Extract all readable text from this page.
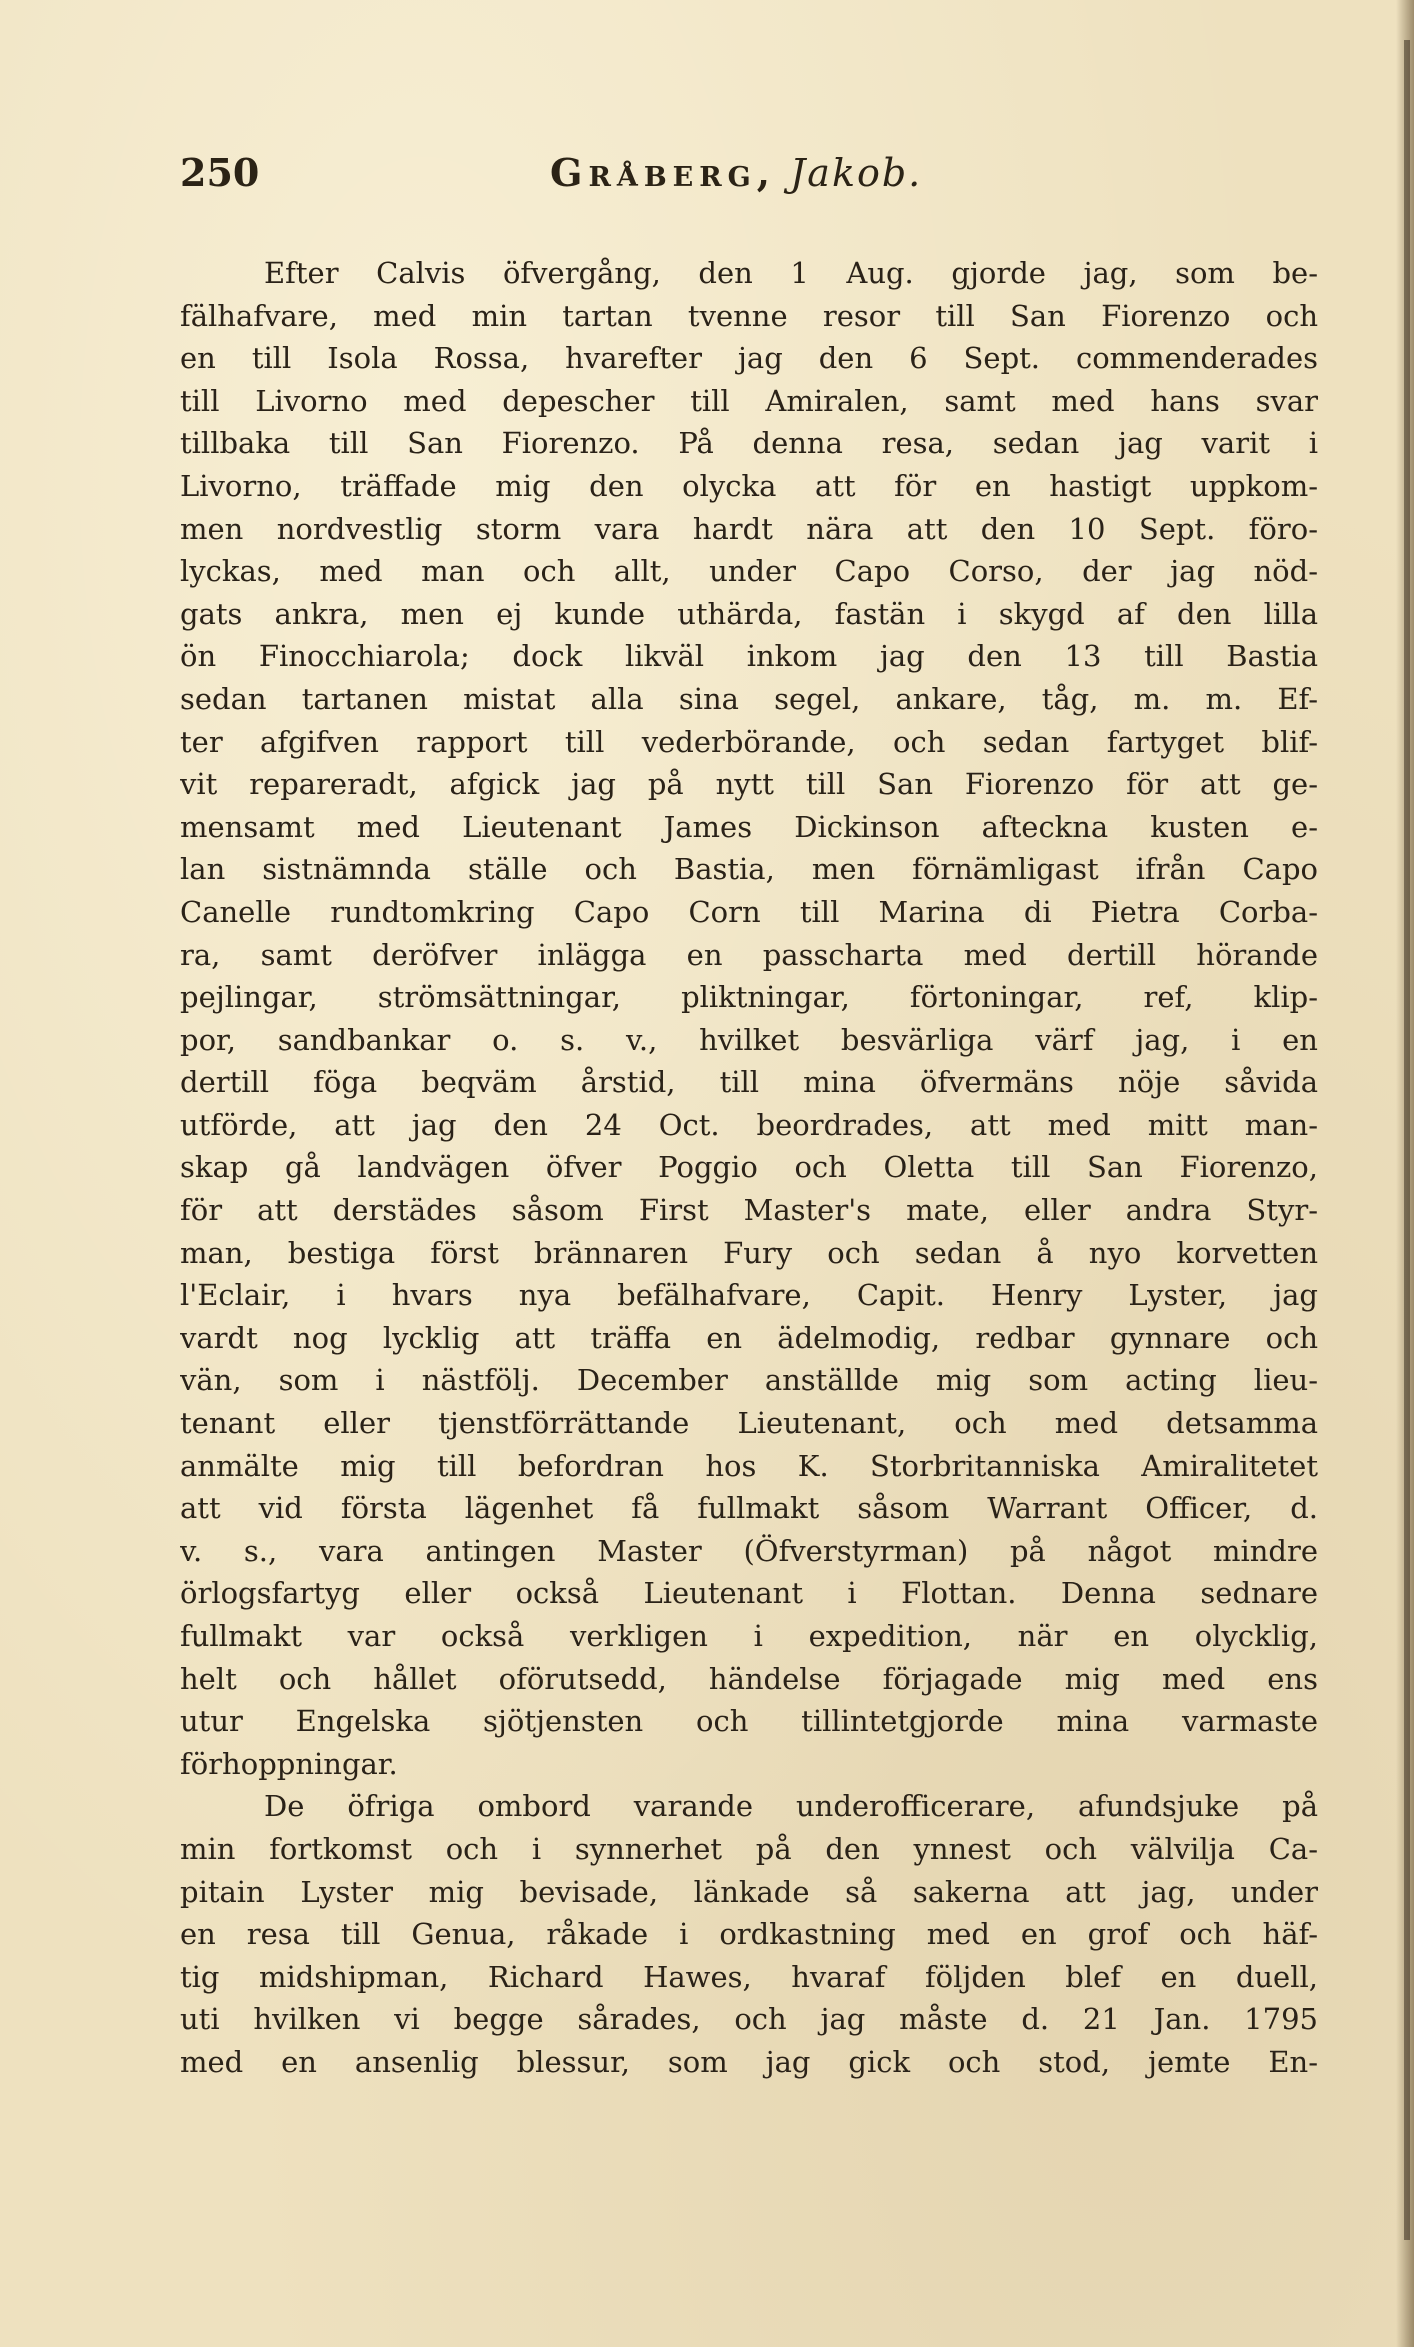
250	Gråberg, Jakob.
Efter Calvis öfvergång, den 1 Aug. gjorde jag, som be-
fälhafvare, med min tartan tvenne resor till San Fiorenzo och
en till Isola Rossa, hvarefter jag den 6 Sept. commenderades
till Livorno med depescher till Amiralen, samt med hans svar
tillbaka till San Fiorenzo. På denna resa, sedan jag varit i
Livorno, träffade mig den olycka att för en hastigt uppkom-
men nordvestlig storm vara hardt nära att den 10 Sept. föro-
lyckas, med man och allt, under Capo Corso, der jag nöd-
gats ankra, men ej kunde uthärda, fastän i skygd af den lilla
ön Finocchiarola; dock likväl inkom jag den 13 till Bastia
sedan tartanen mistat alla sina segel, ankare, tåg, m. m. Ef-
ter afgifven rapport till vederbörande, och sedan fartyget blif-
vit repareradt, afgick jag på nytt till San Fiorenzo för att ge-
mensamt med Lieutenant James Dickinson afteckna kusten e-
lan sistnämnda ställe och Bastia, men förnämligast ifrån Capo
Canelle rundtomkring Capo Corn till Marina di Pietra Corba-
ra, samt deröfver inlägga en passcharta med dertill hörande
pejlingar, strömsättningar, pliktningar, förtoningar, ref, klip-
por, sandbankar o. s. v., hvilket besvärliga värf jag, i en
dertill föga beqväm årstid, till mina öfvermäns nöje såvida
utförde, att jag den 24 Oct. beordrades, att med mitt man-
skap gå landvägen öfver Poggio och Oletta till San Fiorenzo,
för att derstädes såsom First Master's mate, eller andra Styr-
man, bestiga först brännaren Fury och sedan å nyo korvetten
l'Eclair, i hvars nya befälhafvare, Capit. Henry Lyster, jag
vardt nog lycklig att träffa en ädelmodig, redbar gynnare och
vän, som i nästfölj. December anställde mig som acting lieu-
tenant eller tjenstförrättande Lieutenant, och med detsamma
anmälte mig till befordran hos K. Storbritanniska Amiralitetet
att vid första lägenhet få fullmakt såsom Warrant Officer, d.
v. s., vara antingen Master (Öfverstyrman) på något mindre
örlogsfartyg eller också Lieutenant i Flottan. Denna sednare
fullmakt var också verkligen i expedition, när en olycklig,
helt och hållet oförutsedd, händelse förjagade mig med ens
utur Engelska sjötjensten och tillintetgjorde mina varmaste
förhoppningar.
De öfriga ombord varande underofficerare, afundsjuke på
min fortkomst och i synnerhet på den ynnest och välvilja Ca-
pitain Lyster mig bevisade, länkade så sakerna att jag, under
en resa till Genua, råkade i ordkastning med en grof och häf-
tig midshipman, Richard Hawes, hvaraf följden blef en duell,
uti hvilken vi begge sårades, och jag måste d. 21 Jan. 1795
med en ansenlig blessur, som jag gick och stod, jemte En-
